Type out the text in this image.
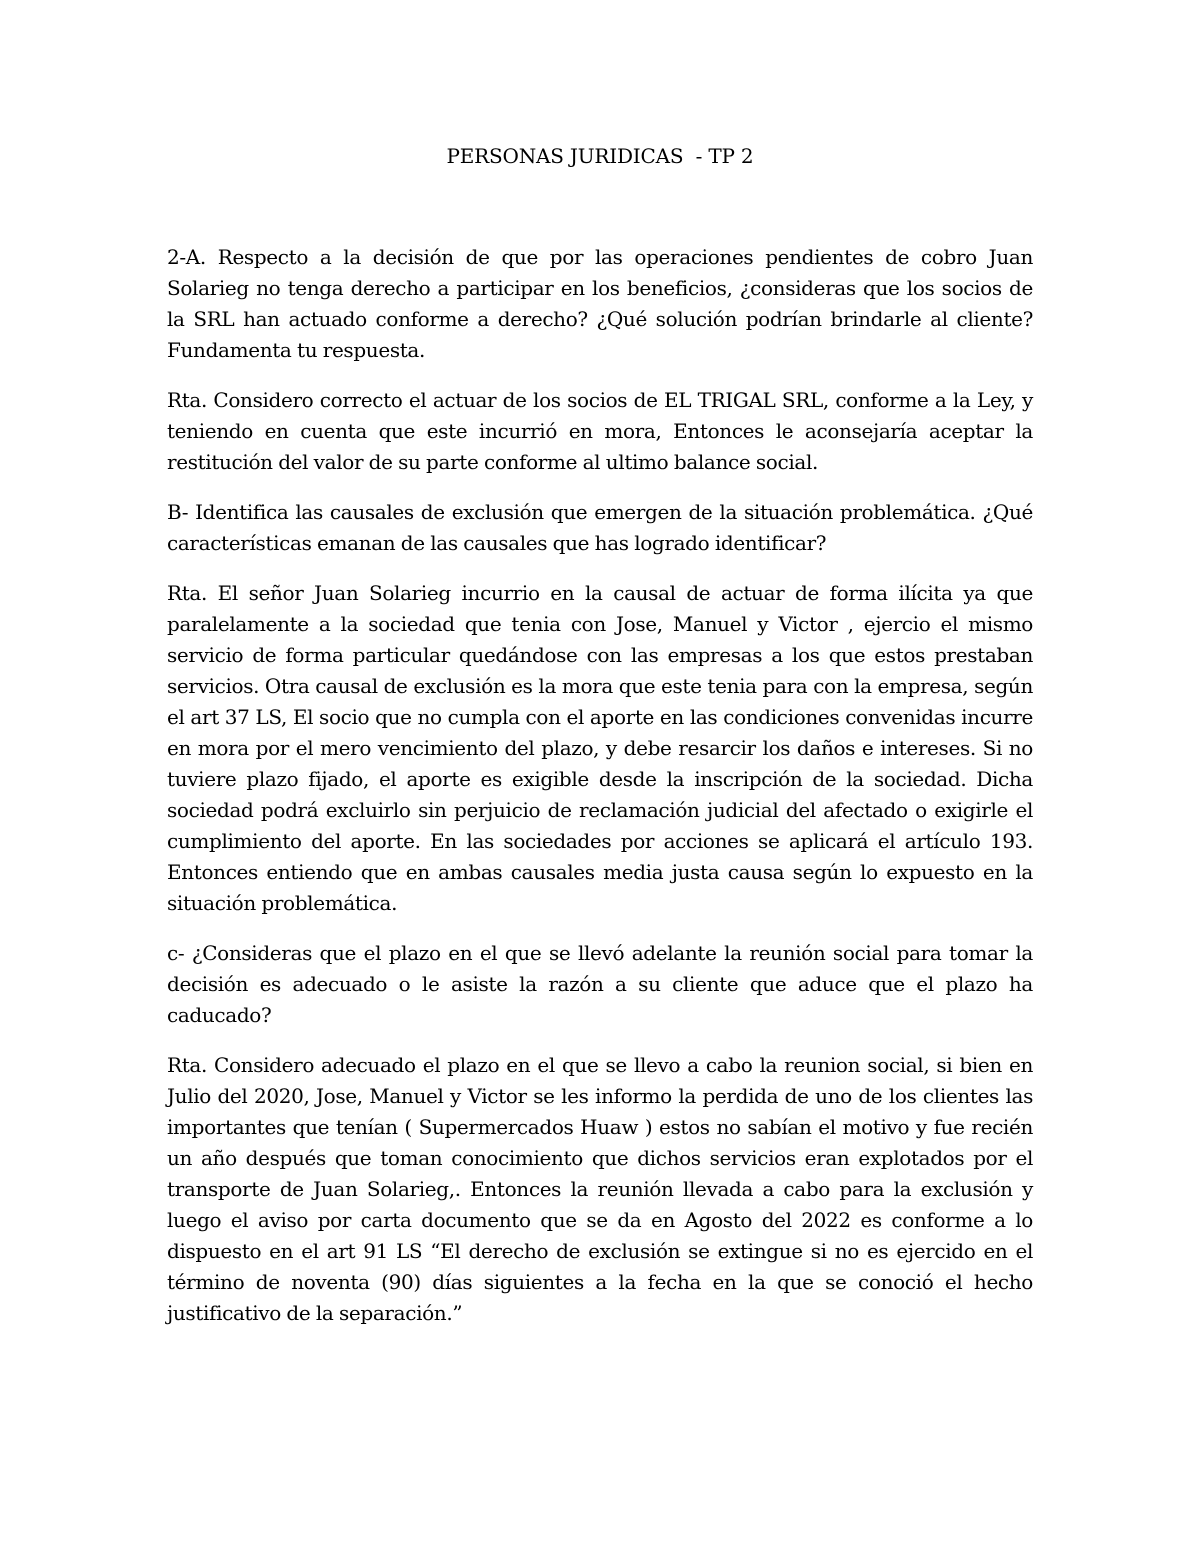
PERSONAS JURIDICAS  - TP 2

2-A. Respecto a la decisión de que por las operaciones pendientes de cobro Juan Solarieg no tenga derecho a participar en los beneficios, ¿consideras que los socios de la SRL han actuado conforme a derecho? ¿Qué solución podrían brindarle al cliente? Fundamenta tu respuesta.

Rta. Considero correcto el actuar de los socios de EL TRIGAL SRL, conforme a la Ley, y teniendo en cuenta que este incurrió en mora, Entonces le aconsejaría aceptar la restitución del valor de su parte conforme al ultimo balance social.

B- Identifica las causales de exclusión que emergen de la situación problemática. ¿Qué características emanan de las causales que has logrado identificar?

Rta. El señor Juan Solarieg incurrio en la causal de actuar de forma ilícita ya que paralelamente a la sociedad que tenia con Jose, Manuel y Victor , ejercio el mismo servicio de forma particular quedándose con las empresas a los que estos prestaban servicios. Otra causal de exclusión es la mora que este tenia para con la empresa, según el art 37 LS, El socio que no cumpla con el aporte en las condiciones convenidas incurre en mora por el mero vencimiento del plazo, y debe resarcir los daños e intereses. Si no tuviere plazo fijado, el aporte es exigible desde la inscripción de la sociedad. Dicha sociedad podrá excluirlo sin perjuicio de reclamación judicial del afectado o exigirle el cumplimiento del aporte. En las sociedades por acciones se aplicará el artículo 193. Entonces entiendo que en ambas causales media justa causa según lo expuesto en la situación problemática.

c- ¿Consideras que el plazo en el que se llevó adelante la reunión social para tomar la decisión es adecuado o le asiste la razón a su cliente que aduce que el plazo ha caducado?

Rta. Considero adecuado el plazo en el que se llevo a cabo la reunion social, si bien en Julio del 2020, Jose, Manuel y Victor se les informo la perdida de uno de los clientes las importantes que tenían ( Supermercados Huaw ) estos no sabían el motivo y fue recién un año después que toman conocimiento que dichos servicios eran explotados por el transporte de Juan Solarieg,. Entonces la reunión llevada a cabo para la exclusión y luego el aviso por carta documento que se da en Agosto del 2022 es conforme a lo dispuesto en el art 91 LS “El derecho de exclusión se extingue si no es ejercido en el término de noventa (90) días siguientes a la fecha en la que se conoció el hecho justificativo de la separación.”
